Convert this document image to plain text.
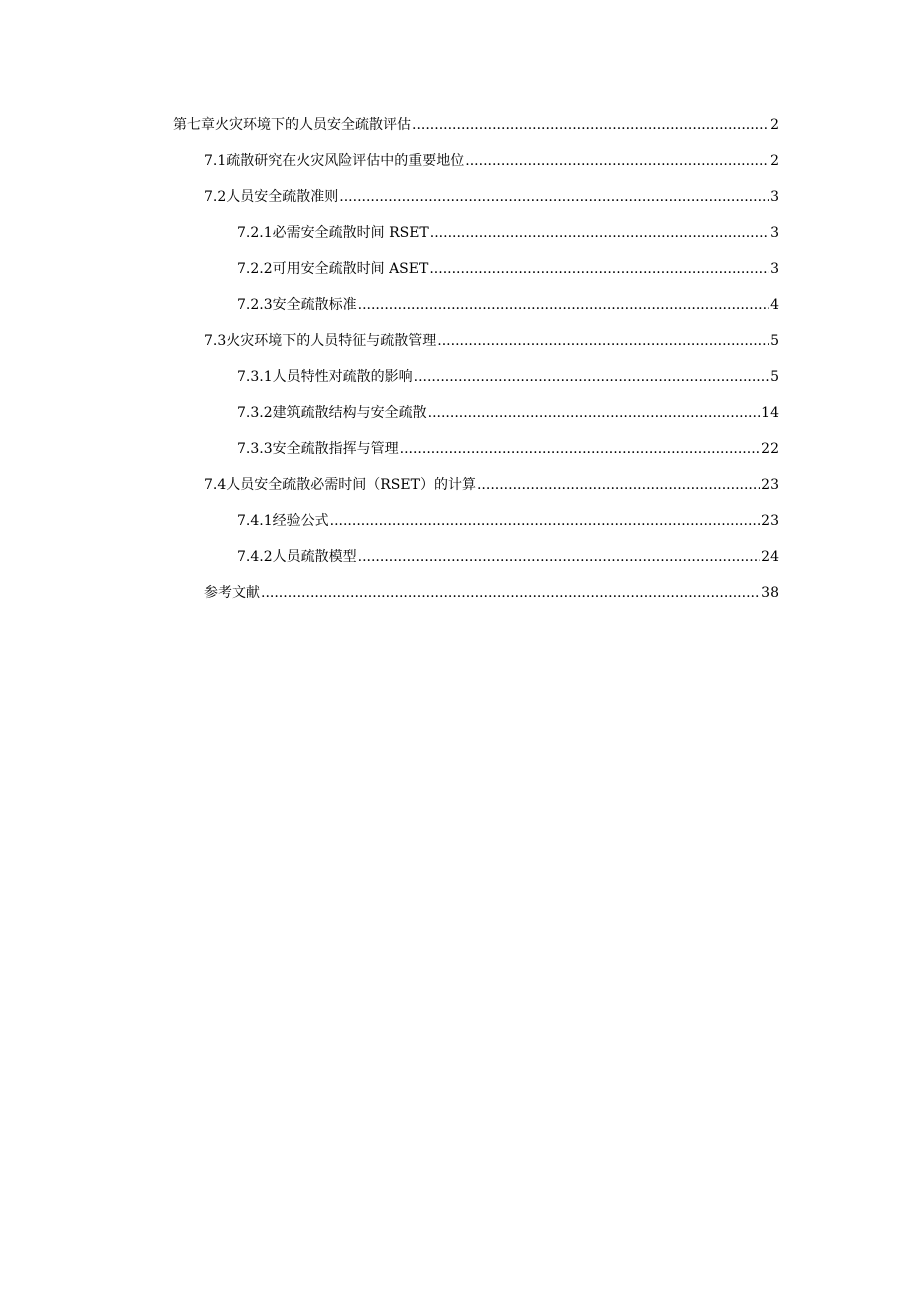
第七章 火灾环境下的人员安全疏散评估 .....	2
7.1 疏散研究在火灾风险评估中的重要地位 .....	2
7.2 人员安全疏散准则 .....	3
7.2.1 必需安全疏散时间 RSET .....	3
7.2.2 可用安全疏散时间 ASET .....	3
7.2.3 安全疏散标准 .....	4
7.3 火灾环境下的人员特征与疏散管理 .....	5
7.3.1 人员特性对疏散的影响 .....	5
7.3.2 建筑疏散结构与安全疏散 .....	14
7.3.3 安全疏散指挥与管理 .....	22
7.4 人员安全疏散必需时间（RSET）的计算 .....	23
7.4.1 经验公式 .....	23
7.4.2 人员疏散模型 .....	24
参考文献 .....	38
